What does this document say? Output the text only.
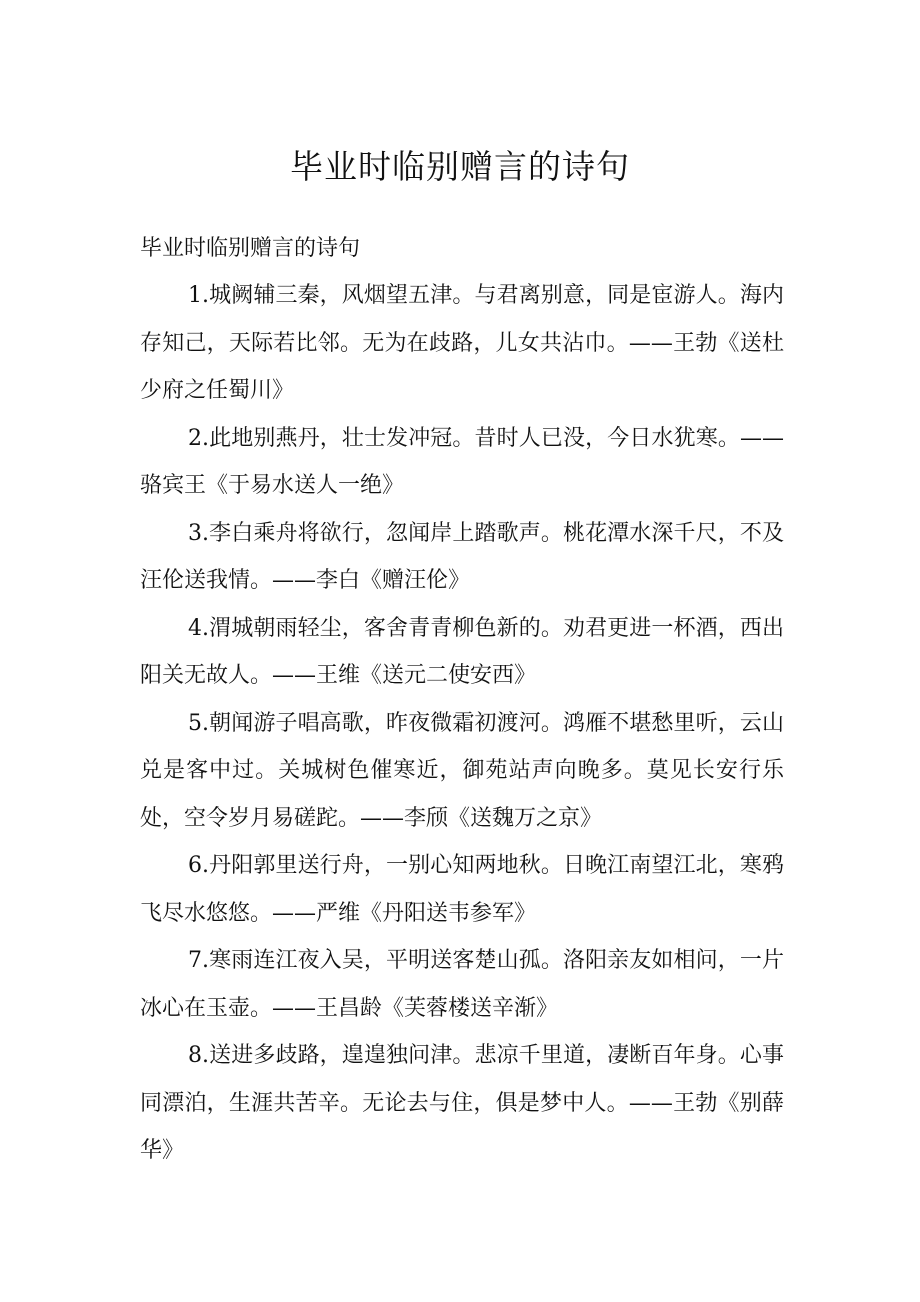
毕业时临别赠言的诗句

毕业时临别赠言的诗句

1.城阙辅三秦，风烟望五津。与君离别意，同是宦游人。海内存知己，天际若比邻。无为在歧路，儿女共沾巾。——王勃《送杜少府之任蜀川》

2.此地别燕丹，壮士发冲冠。昔时人已没，今日水犹寒。——骆宾王《于易水送人一绝》

3.李白乘舟将欲行，忽闻岸上踏歌声。桃花潭水深千尺，不及汪伦送我情。——李白《赠汪伦》

4.渭城朝雨轻尘，客舍青青柳色新的。劝君更进一杯酒，西出阳关无故人。——王维《送元二使安西》

5.朝闻游子唱高歌，昨夜微霜初渡河。鸿雁不堪愁里听，云山兑是客中过。关城树色催寒近，御苑站声向晚多。莫见长安行乐处，空令岁月易磋跎。——李颀《送魏万之京》

6.丹阳郭里送行舟，一别心知两地秋。日晚江南望江北，寒鸦飞尽水悠悠。——严维《丹阳送韦参军》

7.寒雨连江夜入吴，平明送客楚山孤。洛阳亲友如相问，一片冰心在玉壶。——王昌龄《芙蓉楼送辛渐》

8.送进多歧路，遑遑独问津。悲凉千里道，凄断百年身。心事同漂泊，生涯共苦辛。无论去与住，俱是梦中人。——王勃《别薛华》
